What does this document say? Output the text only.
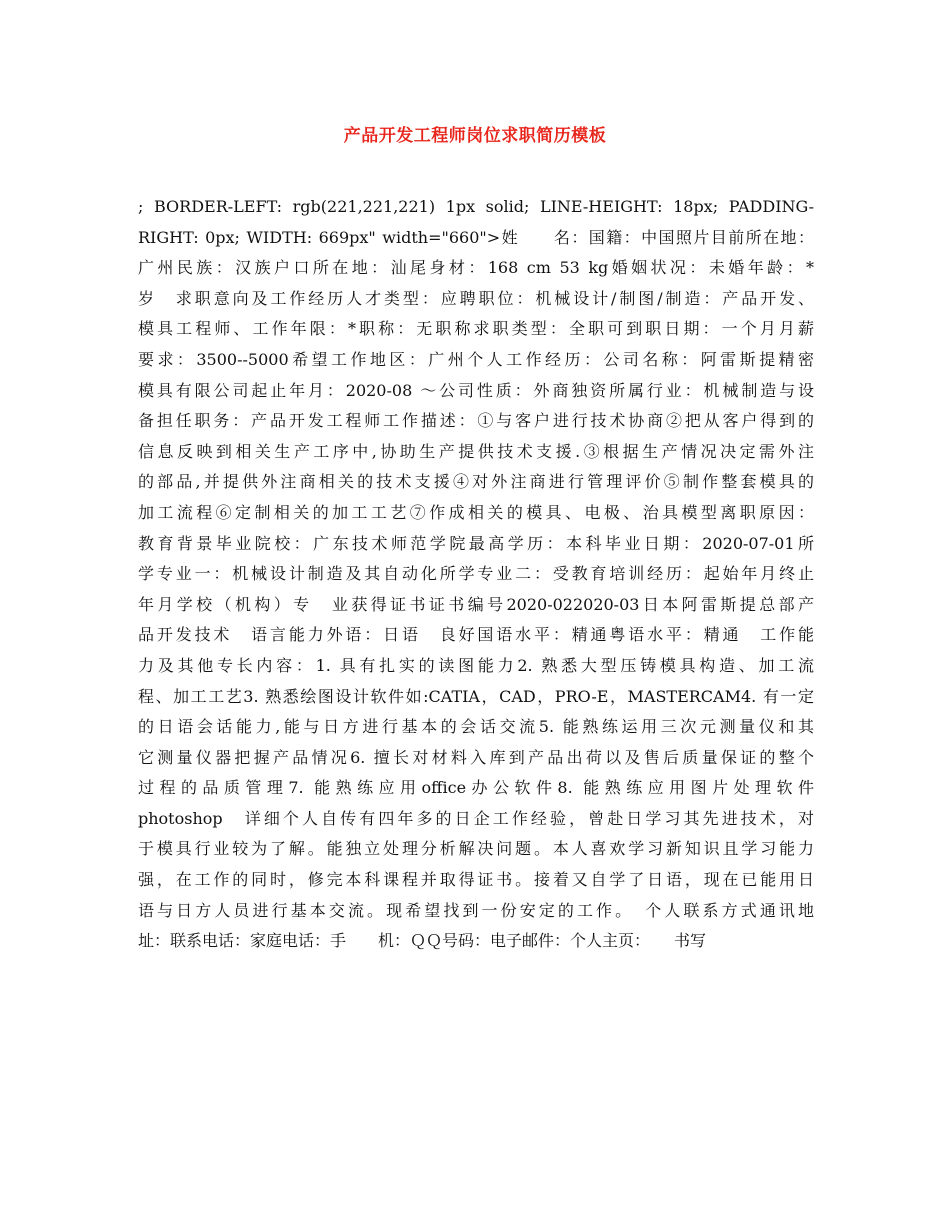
产品开发工程师岗位求职简历模板
; BORDER-LEFT: rgb(221,221,221) 1px solid; LINE-HEIGHT: 18px; PADDING-
RIGHT: 0px; WIDTH: 669px" width="660">姓　　名：国籍：中国照片目前所在地：
广州民族：汉族户口所在地：汕尾身材：168 cm 53 kg婚姻状况：未婚年龄：*
岁　求职意向及工作经历人才类型：应聘职位：机械设计/制图/制造：产品开发、
模具工程师、工作年限：*职称：无职称求职类型：全职可到职日期：一个月月薪
要求：3500--5000希望工作地区：广州个人工作经历：公司名称：阿雷斯提精密
模具有限公司起止年月：2020-08 ～公司性质：外商独资所属行业：机械制造与设
备担任职务：产品开发工程师工作描述：①与客户进行技术协商②把从客户得到的
信息反映到相关生产工序中,协助生产提供技术支援.③根据生产情况决定需外注
的部品,并提供外注商相关的技术支援④对外注商进行管理评价⑤制作整套模具的
加工流程⑥定制相关的加工工艺⑦作成相关的模具、电极、治具模型离职原因：
教育背景毕业院校：广东技术师范学院最高学历：本科毕业日期：2020-07-01所
学专业一：机械设计制造及其自动化所学专业二：受教育培训经历：起始年月终止
年月学校（机构）专　业获得证书证书编号2020-022020-03日本阿雷斯提总部产
品开发技术　语言能力外语：日语　良好国语水平：精通粤语水平：精通　工作能
力及其他专长内容：1. 具有扎实的读图能力2. 熟悉大型压铸模具构造、加工流
程、加工工艺3. 熟悉绘图设计软件如:CATIA，CAD，PRO-E，MASTERCAM4. 有一定
的日语会话能力,能与日方进行基本的会话交流5. 能熟练运用三次元测量仪和其
它测量仪器把握产品情况6. 擅长对材料入库到产品出荷以及售后质量保证的整个
过程的品质管理7. 能熟练应用office办公软件8. 能熟练应用图片处理软件
photoshop　详细个人自传有四年多的日企工作经验，曾赴日学习其先进技术，对
于模具行业较为了解。能独立处理分析解决问题。本人喜欢学习新知识且学习能力
强，在工作的同时，修完本科课程并取得证书。接着又自学了日语，现在已能用日
语与日方人员进行基本交流。现希望找到一份安定的工作。　个人联系方式通讯地
址：联系电话：家庭电话：手　　机：ＱＱ号码：电子邮件：个人主页：　　书写
